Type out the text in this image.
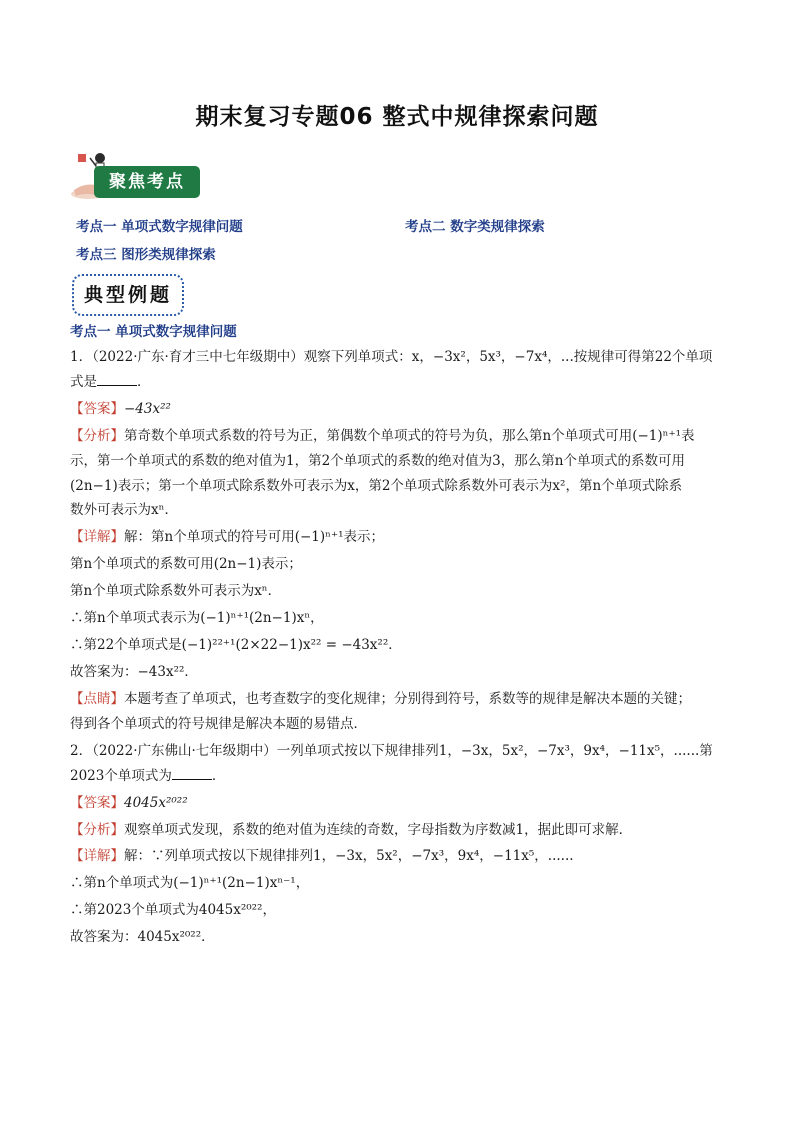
期末复习专题06 整式中规律探索问题
聚焦考点
考点一 单项式数字规律问题	考点二 数字类规律探索
考点三 图形类规律探索
典型例题
考点一 单项式数字规律问题
1．（2022·广东·育才三中七年级期中）观察下列单项式：x，−3x²，5x³，−7x⁴，...按规律可得第22个单项
式是	．
【答案】−43x²²
【分析】第奇数个单项式系数的符号为正，第偶数个单项式的符号为负，那么第n个单项式可用(−1)ⁿ⁺¹表
示，第一个单项式的系数的绝对值为1，第2个单项式的系数的绝对值为3，那么第n个单项式的系数可用
(2n−1)表示；第一个单项式除系数外可表示为x，第2个单项式除系数外可表示为x²，第n个单项式除系
数外可表示为xⁿ．
【详解】解：第n个单项式的符号可用(−1)ⁿ⁺¹表示；
第n个单项式的系数可用(2n−1)表示；
第n个单项式除系数外可表示为xⁿ．
∴第n个单项式表示为(−1)ⁿ⁺¹(2n−1)xⁿ，
∴第22个单项式是(−1)²²⁺¹(2×22−1)x²² = −43x²²．
故答案为：−43x²²．
【点睛】本题考查了单项式，也考查数字的变化规律；分别得到符号，系数等的规律是解决本题的关键；
得到各个单项式的符号规律是解决本题的易错点．
2．（2022·广东佛山·七年级期中）一列单项式按以下规律排列1，−3x，5x²，−7x³，9x⁴，−11x⁵，......第
2023个单项式为	．
【答案】4045x²⁰²²
【分析】观察单项式发现，系数的绝对值为连续的奇数，字母指数为序数减1，据此即可求解．
【详解】解：∵列单项式按以下规律排列1，−3x，5x²，−7x³，9x⁴，−11x⁵，......
∴第n个单项式为(−1)ⁿ⁺¹(2n−1)xⁿ⁻¹，
∴第2023个单项式为4045x²⁰²²，
故答案为：4045x²⁰²²．
